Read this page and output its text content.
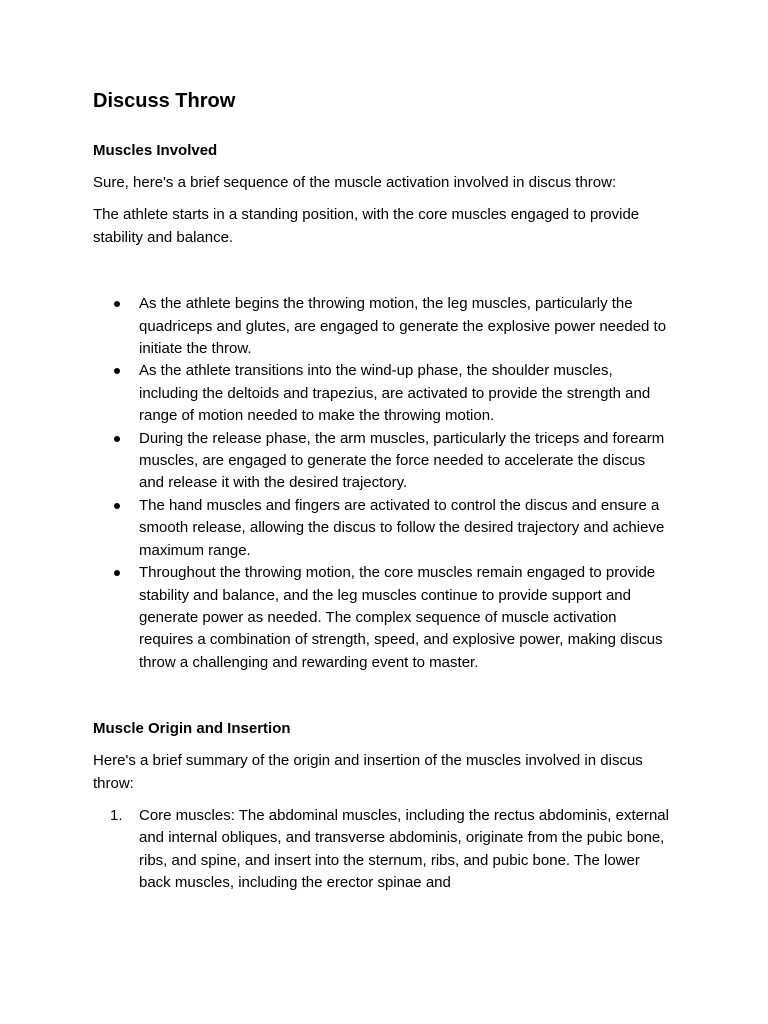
Discuss Throw
Muscles Involved

Sure, here's a brief sequence of the muscle activation involved in discus throw:

The athlete starts in a standing position, with the core muscles engaged to provide stability and balance.

As the athlete begins the throwing motion, the leg muscles, particularly the quadriceps and glutes, are engaged to generate the explosive power needed to initiate the throw.
As the athlete transitions into the wind-up phase, the shoulder muscles, including the deltoids and trapezius, are activated to provide the strength and range of motion needed to make the throwing motion.
During the release phase, the arm muscles, particularly the triceps and forearm muscles, are engaged to generate the force needed to accelerate the discus and release it with the desired trajectory.
The hand muscles and fingers are activated to control the discus and ensure a smooth release, allowing the discus to follow the desired trajectory and achieve maximum range.
Throughout the throwing motion, the core muscles remain engaged to provide stability and balance, and the leg muscles continue to provide support and generate power as needed. The complex sequence of muscle activation requires a combination of strength, speed, and explosive power, making discus throw a challenging and rewarding event to master.
Muscle Origin and Insertion

Here's a brief summary of the origin and insertion of the muscles involved in discus throw:

1. Core muscles: The abdominal muscles, including the rectus abdominis, external and internal obliques, and transverse abdominis, originate from the pubic bone, ribs, and spine, and insert into the sternum, ribs, and pubic bone. The lower back muscles, including the erector spinae and
